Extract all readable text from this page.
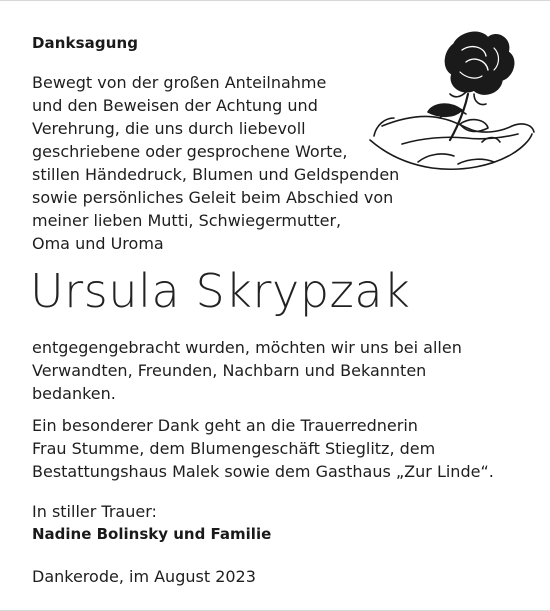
Danksagung

Bewegt von der großen Anteilnahme
und den Beweisen der Achtung und
Verehrung, die uns durch liebevoll
geschriebene oder gesprochene Worte,
stillen Händedruck, Blumen und Geldspenden
sowie persönliches Geleit beim Abschied von
meiner lieben Mutti, Schwiegermutter,
Oma und Uroma

Ursula Skrypzak

entgegengebracht wurden, möchten wir uns bei allen
Verwandten, Freunden, Nachbarn und Bekannten
bedanken.

Ein besonderer Dank geht an die Trauerrednerin
Frau Stumme, dem Blumengeschäft Stieglitz, dem
Bestattungshaus Malek sowie dem Gasthaus „Zur Linde“.

In stiller Trauer:

Nadine Bolinsky und Familie

Dankerode, im August 2023
